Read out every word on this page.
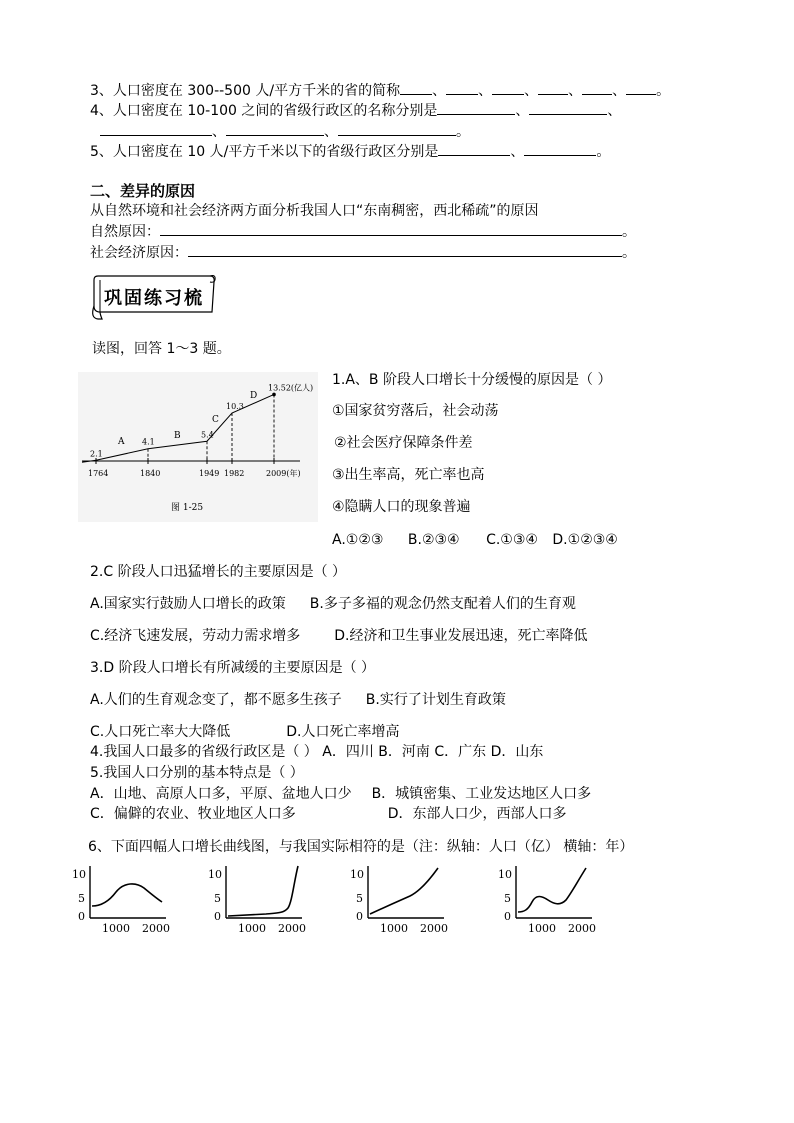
3、人口密度在 300--500 人/平方千米的省的简称 、 、 、 、 、 。
4、人口密度在 10-100 之间的省级行政区的名称分别是	、	、
、	、	。
5、人口密度在 10 人/平方千米以下的省级行政区分别是	、	。
二、差异的原因
从自然环境和社会经济两方面分析我国人口“东南稠密，西北稀疏”的原因
自然原因：	。
社会经济原因：	。
巩固练习梳
读图，回答 1～3 题。
1764
2.1
1840
4.1
1949
5.4
1982
10.3
2009(年)
13.52(亿人)
A
B
C
D
图 1-25
1.A、B 阶段人口增长十分缓慢的原因是（ ）
①国家贫穷落后，社会动荡
②社会医疗保障条件差
③出生率高，死亡率也高
④隐瞒人口的现象普遍
A.①②③ B.②③④ C.①③④ D.①②③④
2.C 阶段人口迅猛增长的主要原因是（ ）
A.国家实行鼓励人口增长的政策 B.多子多福的观念仍然支配着人们的生育观
C.经济飞速发展，劳动力需求增多 D.经济和卫生事业发展迅速，死亡率降低
3.D 阶段人口增长有所减缓的主要原因是（ ）
A.人们的生育观念变了，都不愿多生孩子 B.实行了计划生育政策
C.人口死亡率大大降低	D.人口死亡率增高
4.我国人口最多的省级行政区是（ ） A．四川 B．河南 C．广东 D．山东
5.我国人口分别的基本特点是（ ）
A．山地、高原人口多，平原、盆地人口少 B．城镇密集、工业发达地区人口多
C．偏僻的农业、牧业地区人口多	D．东部人口少，西部人口多
6、下面四幅人口增长曲线图，与我国实际相符的是（注：纵轴：人口（亿） 横轴：年）
10
5
0
1000 2000
10
5
0
1000 2000
10
5
0
1000 2000
10
5
0
1000 2000
